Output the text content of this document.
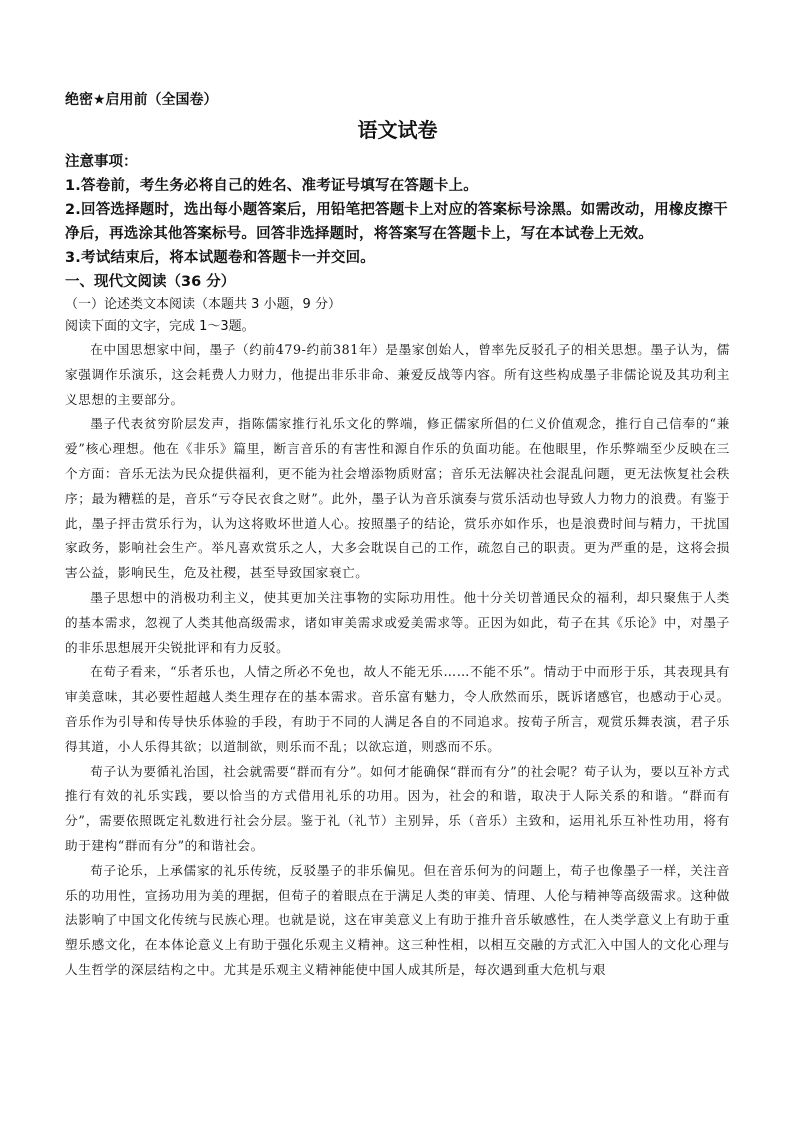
绝密★启用前（全国卷）
语文试卷
注意事项：
1.答卷前，考生务必将自己的姓名、准考证号填写在答题卡上。
2.回答选择题时，选出每小题答案后，用铅笔把答题卡上对应的答案标号涂黑。如需改动，用橡皮擦干净后，再选涂其他答案标号。回答非选择题时，将答案写在答题卡上，写在本试卷上无效。
3.考试结束后，将本试题卷和答题卡一并交回。
一、现代文阅读（36 分）
（一）论述类文本阅读（本题共 3 小题，9 分）
阅读下面的文字，完成 1～3题。

在中国思想家中间，墨子（约前479-约前381年）是墨家创始人，曾率先反驳孔子的相关思想。墨子认为，儒家强调作乐演乐，这会耗费人力财力，他提出非乐非命、兼爱反战等内容。所有这些构成墨子非儒论说及其功利主义思想的主要部分。

墨子代表贫穷阶层发声，指陈儒家推行礼乐文化的弊端，修正儒家所倡的仁义价值观念，推行自己信奉的“兼爱”核心理想。他在《非乐》篇里，断言音乐的有害性和源自作乐的负面功能。在他眼里，作乐弊端至少反映在三个方面：音乐无法为民众提供福利，更不能为社会增添物质财富；音乐无法解决社会混乱问题，更无法恢复社会秩序；最为糟糕的是，音乐“亏夺民衣食之财”。此外，墨子认为音乐演奏与赏乐活动也导致人力物力的浪费。有鉴于此，墨子抨击赏乐行为，认为这将败坏世道人心。按照墨子的结论，赏乐亦如作乐，也是浪费时间与精力，干扰国家政务，影响社会生产。举凡喜欢赏乐之人，大多会耽误自己的工作，疏忽自己的职责。更为严重的是，这将会损害公益，影响民生，危及社稷，甚至导致国家衰亡。

墨子思想中的消极功利主义，使其更加关注事物的实际功用性。他十分关切普通民众的福利，却只聚焦于人类的基本需求，忽视了人类其他高级需求，诸如审美需求或爱美需求等。正因为如此，荀子在其《乐论》中，对墨子的非乐思想展开尖锐批评和有力反驳。

在荀子看来，“乐者乐也，人情之所必不免也，故人不能无乐……不能不乐”。情动于中而形于乐，其表现具有审美意味，其必要性超越人类生理存在的基本需求。音乐富有魅力，令人欣然而乐，既诉诸感官，也感动于心灵。音乐作为引导和传导快乐体验的手段，有助于不同的人满足各自的不同追求。按荀子所言，观赏乐舞表演，君子乐得其道，小人乐得其欲；以道制欲，则乐而不乱；以欲忘道，则惑而不乐。

荀子认为要循礼治国，社会就需要“群而有分”。如何才能确保“群而有分”的社会呢？荀子认为，要以互补方式推行有效的礼乐实践，要以恰当的方式借用礼乐的功用。因为，社会的和谐，取决于人际关系的和谐。“群而有分”，需要依照既定礼数进行社会分层。鉴于礼（礼节）主别异，乐（音乐）主致和，运用礼乐互补性功用，将有助于建构“群而有分”的和谐社会。

荀子论乐，上承儒家的礼乐传统，反驳墨子的非乐偏见。但在音乐何为的问题上，荀子也像墨子一样，关注音乐的功用性，宣扬功用为美的理据，但荀子的着眼点在于满足人类的审美、情理、人伦与精神等高级需求。这种做法影响了中国文化传统与民族心理。也就是说，这在审美意义上有助于推升音乐敏感性，在人类学意义上有助于重塑乐感文化，在本体论意义上有助于强化乐观主义精神。这三种性相，以相互交融的方式汇入中国人的文化心理与人生哲学的深层结构之中。尤其是乐观主义精神能使中国人成其所是，每次遇到重大危机与艰
